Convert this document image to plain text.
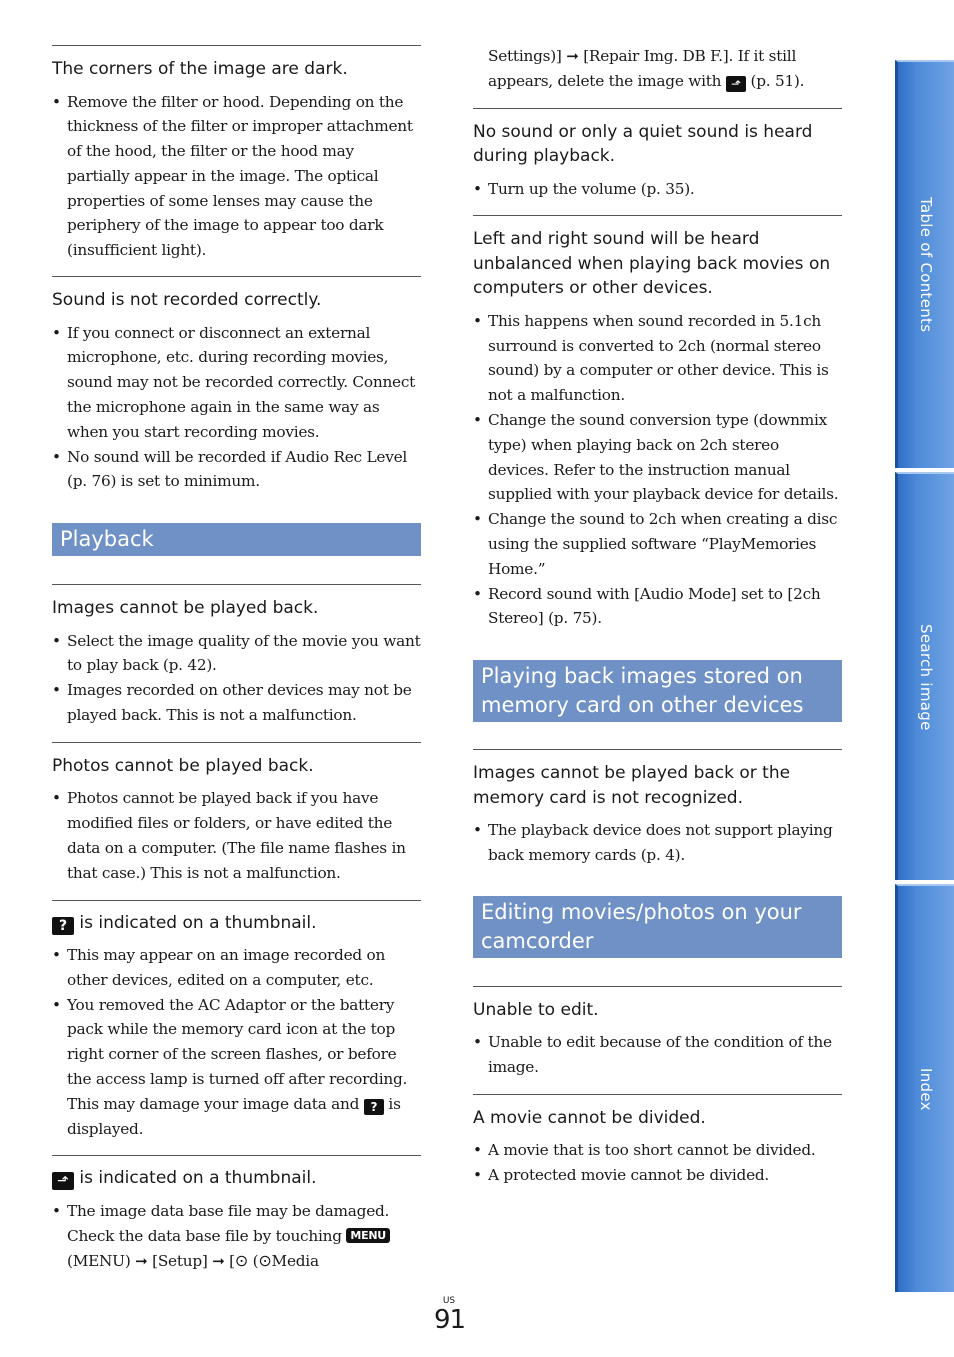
The corners of the image are dark.

• Remove the filter or hood. Depending on the thickness of the filter or improper attachment of the hood, the filter or the hood may partially appear in the image. The optical properties of some lenses may cause the periphery of the image to appear too dark (insufficient light).

Sound is not recorded correctly.

• If you connect or disconnect an external microphone, etc. during recording movies, sound may not be recorded correctly. Connect the microphone again in the same way as when you start recording movies.
• No sound will be recorded if Audio Rec Level (p. 76) is set to minimum.
Playback

Images cannot be played back.

• Select the image quality of the movie you want to play back (p. 42).
• Images recorded on other devices may not be played back. This is not a malfunction.

Photos cannot be played back.

• Photos cannot be played back if you have modified files or folders, or have edited the data on a computer. (The file name flashes in that case.) This is not a malfunction.

? is indicated on a thumbnail.

• This may appear on an image recorded on other devices, edited on a computer, etc.
• You removed the AC Adaptor or the battery pack while the memory card icon at the top right corner of the screen flashes, or before the access lamp is turned off after recording. This may damage your image data and ? is displayed.

⬏ is indicated on a thumbnail.

• The image data base file may be damaged. Check the data base file by touching MENU
(MENU) ➞ [Setup] ➞ [⊙ (⊙Media

Settings)] ➞ [Repair Img. DB F.]. If it still appears, delete the image with ⬏ (p. 51).

No sound or only a quiet sound is heard during playback.

• Turn up the volume (p. 35).

Left and right sound will be heard unbalanced when playing back movies on computers or other devices.

• This happens when sound recorded in 5.1ch surround is converted to 2ch (normal stereo sound) by a computer or other device. This is not a malfunction.
• Change the sound conversion type (downmix type) when playing back on 2ch stereo devices. Refer to the instruction manual supplied with your playback device for details.
• Change the sound to 2ch when creating a disc using the supplied software “PlayMemories Home.”
• Record sound with [Audio Mode] set to [2ch Stereo] (p. 75).
Playing back images stored on memory card on other devices

Images cannot be played back or the memory card is not recognized.

• The playback device does not support playing back memory cards (p. 4).
Editing movies/photos on your camcorder

Unable to edit.

• Unable to edit because of the condition of the image.

A movie cannot be divided.

• A movie that is too short cannot be divided.
• A protected movie cannot be divided.
Table of Contents
Search image
Index
US
91
